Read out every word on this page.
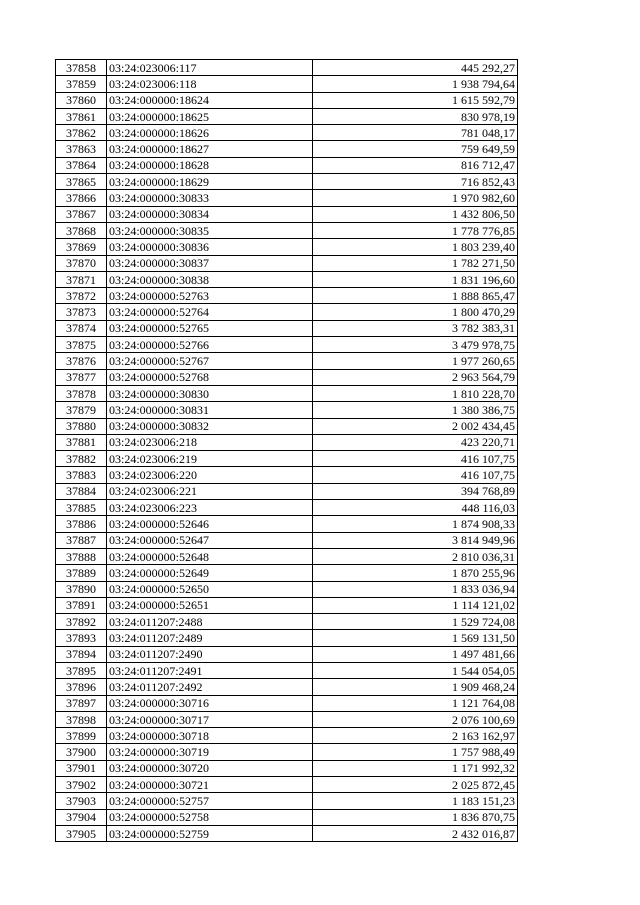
37858	03:24:023006:117	445 292,27
37859	03:24:023006:118	1 938 794,64
37860	03:24:000000:18624	1 615 592,79
37861	03:24:000000:18625	830 978,19
37862	03:24:000000:18626	781 048,17
37863	03:24:000000:18627	759 649,59
37864	03:24:000000:18628	816 712,47
37865	03:24:000000:18629	716 852,43
37866	03:24:000000:30833	1 970 982,60
37867	03:24:000000:30834	1 432 806,50
37868	03:24:000000:30835	1 778 776,85
37869	03:24:000000:30836	1 803 239,40
37870	03:24:000000:30837	1 782 271,50
37871	03:24:000000:30838	1 831 196,60
37872	03:24:000000:52763	1 888 865,47
37873	03:24:000000:52764	1 800 470,29
37874	03:24:000000:52765	3 782 383,31
37875	03:24:000000:52766	3 479 978,75
37876	03:24:000000:52767	1 977 260,65
37877	03:24:000000:52768	2 963 564,79
37878	03:24:000000:30830	1 810 228,70
37879	03:24:000000:30831	1 380 386,75
37880	03:24:000000:30832	2 002 434,45
37881	03:24:023006:218	423 220,71
37882	03:24:023006:219	416 107,75
37883	03:24:023006:220	416 107,75
37884	03:24:023006:221	394 768,89
37885	03:24:023006:223	448 116,03
37886	03:24:000000:52646	1 874 908,33
37887	03:24:000000:52647	3 814 949,96
37888	03:24:000000:52648	2 810 036,31
37889	03:24:000000:52649	1 870 255,96
37890	03:24:000000:52650	1 833 036,94
37891	03:24:000000:52651	1 114 121,02
37892	03:24:011207:2488	1 529 724,08
37893	03:24:011207:2489	1 569 131,50
37894	03:24:011207:2490	1 497 481,66
37895	03:24:011207:2491	1 544 054,05
37896	03:24:011207:2492	1 909 468,24
37897	03:24:000000:30716	1 121 764,08
37898	03:24:000000:30717	2 076 100,69
37899	03:24:000000:30718	2 163 162,97
37900	03:24:000000:30719	1 757 988,49
37901	03:24:000000:30720	1 171 992,32
37902	03:24:000000:30721	2 025 872,45
37903	03:24:000000:52757	1 183 151,23
37904	03:24:000000:52758	1 836 870,75
37905	03:24:000000:52759	2 432 016,87
